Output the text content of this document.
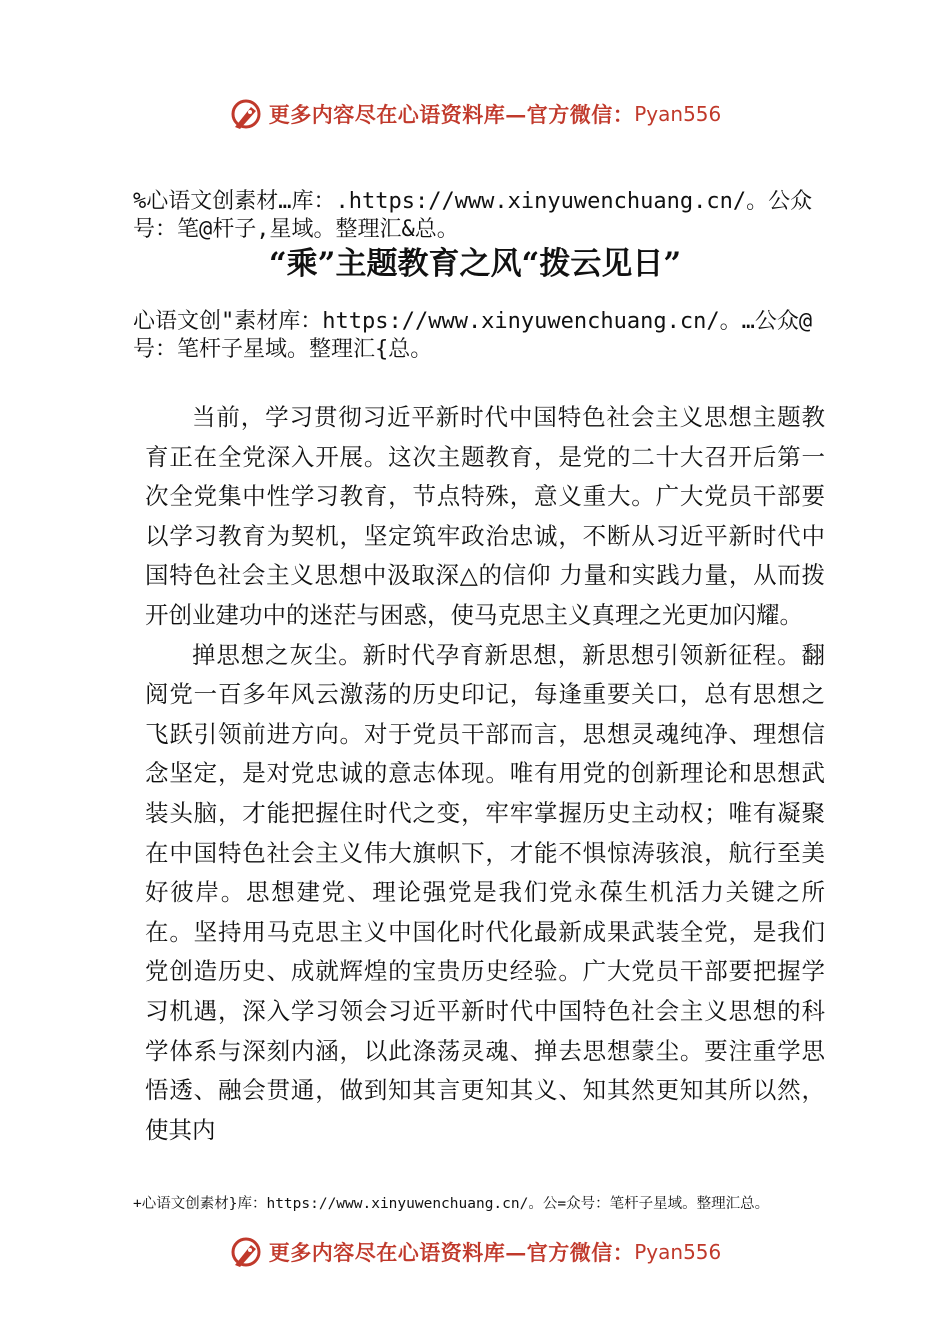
更多内容尽在心语资料库—官方微信： Pyan556
%心语文创素材…库：.https://www.xinyuwenchuang.cn/。公众号：笔@杆子,星域。整理汇&总。
“乘”主题教育之风“拨云见日”
心语文创"素材库：https://www.xinyuwenchuang.cn/。…公众@号：笔杆子星域。整理汇{总。

当前，学习贯彻习近平新时代中国特色社会主义思想主题教育正在全党深入开展。这次主题教育，是党的二十大召开后第一次全党集中性学习教育，节点特殊，意义重大。广大党员干部要以学习教育为契机，坚定筑牢政治忠诚，不断从习近平新时代中国特色社会主义思想中汲取深△的信仰 力量和实践力量，从而拨开创业建功中的迷茫与困惑，使马克思主义真理之光更加闪耀。

掸思想之灰尘。新时代孕育新思想，新思想引领新征程。翻阅党一百多年风云激荡的历史印记，每逢重要关口，总有思想之飞跃引领前进方向。对于党员干部而言，思想灵魂纯净、理想信念坚定，是对党忠诚的意志体现。唯有用党的创新理论和思想武装头脑，才能把握住时代之变，牢牢掌握历史主动权；唯有凝聚在中国特色社会主义伟大旗帜下，才能不惧惊涛骇浪，航行至美好彼岸。思想建党、理论强党是我们党永葆生机活力关键之所在。坚持用马克思主义中国化时代化最新成果武装全党，是我们党创造历史、成就辉煌的宝贵历史经验。广大党员干部要把握学习机遇，深入学习领会习近平新时代中国特色社会主义思想的科学体系与深刻内涵，以此涤荡灵魂、掸去思想蒙尘。要注重学思悟透、融会贯通，做到知其言更知其义、知其然更知其所以然，使其内

+心语文创素材}库：https://www.xinyuwenchuang.cn/。公=众号：笔杆子星域。整理汇总。
更多内容尽在心语资料库—官方微信： Pyan556
